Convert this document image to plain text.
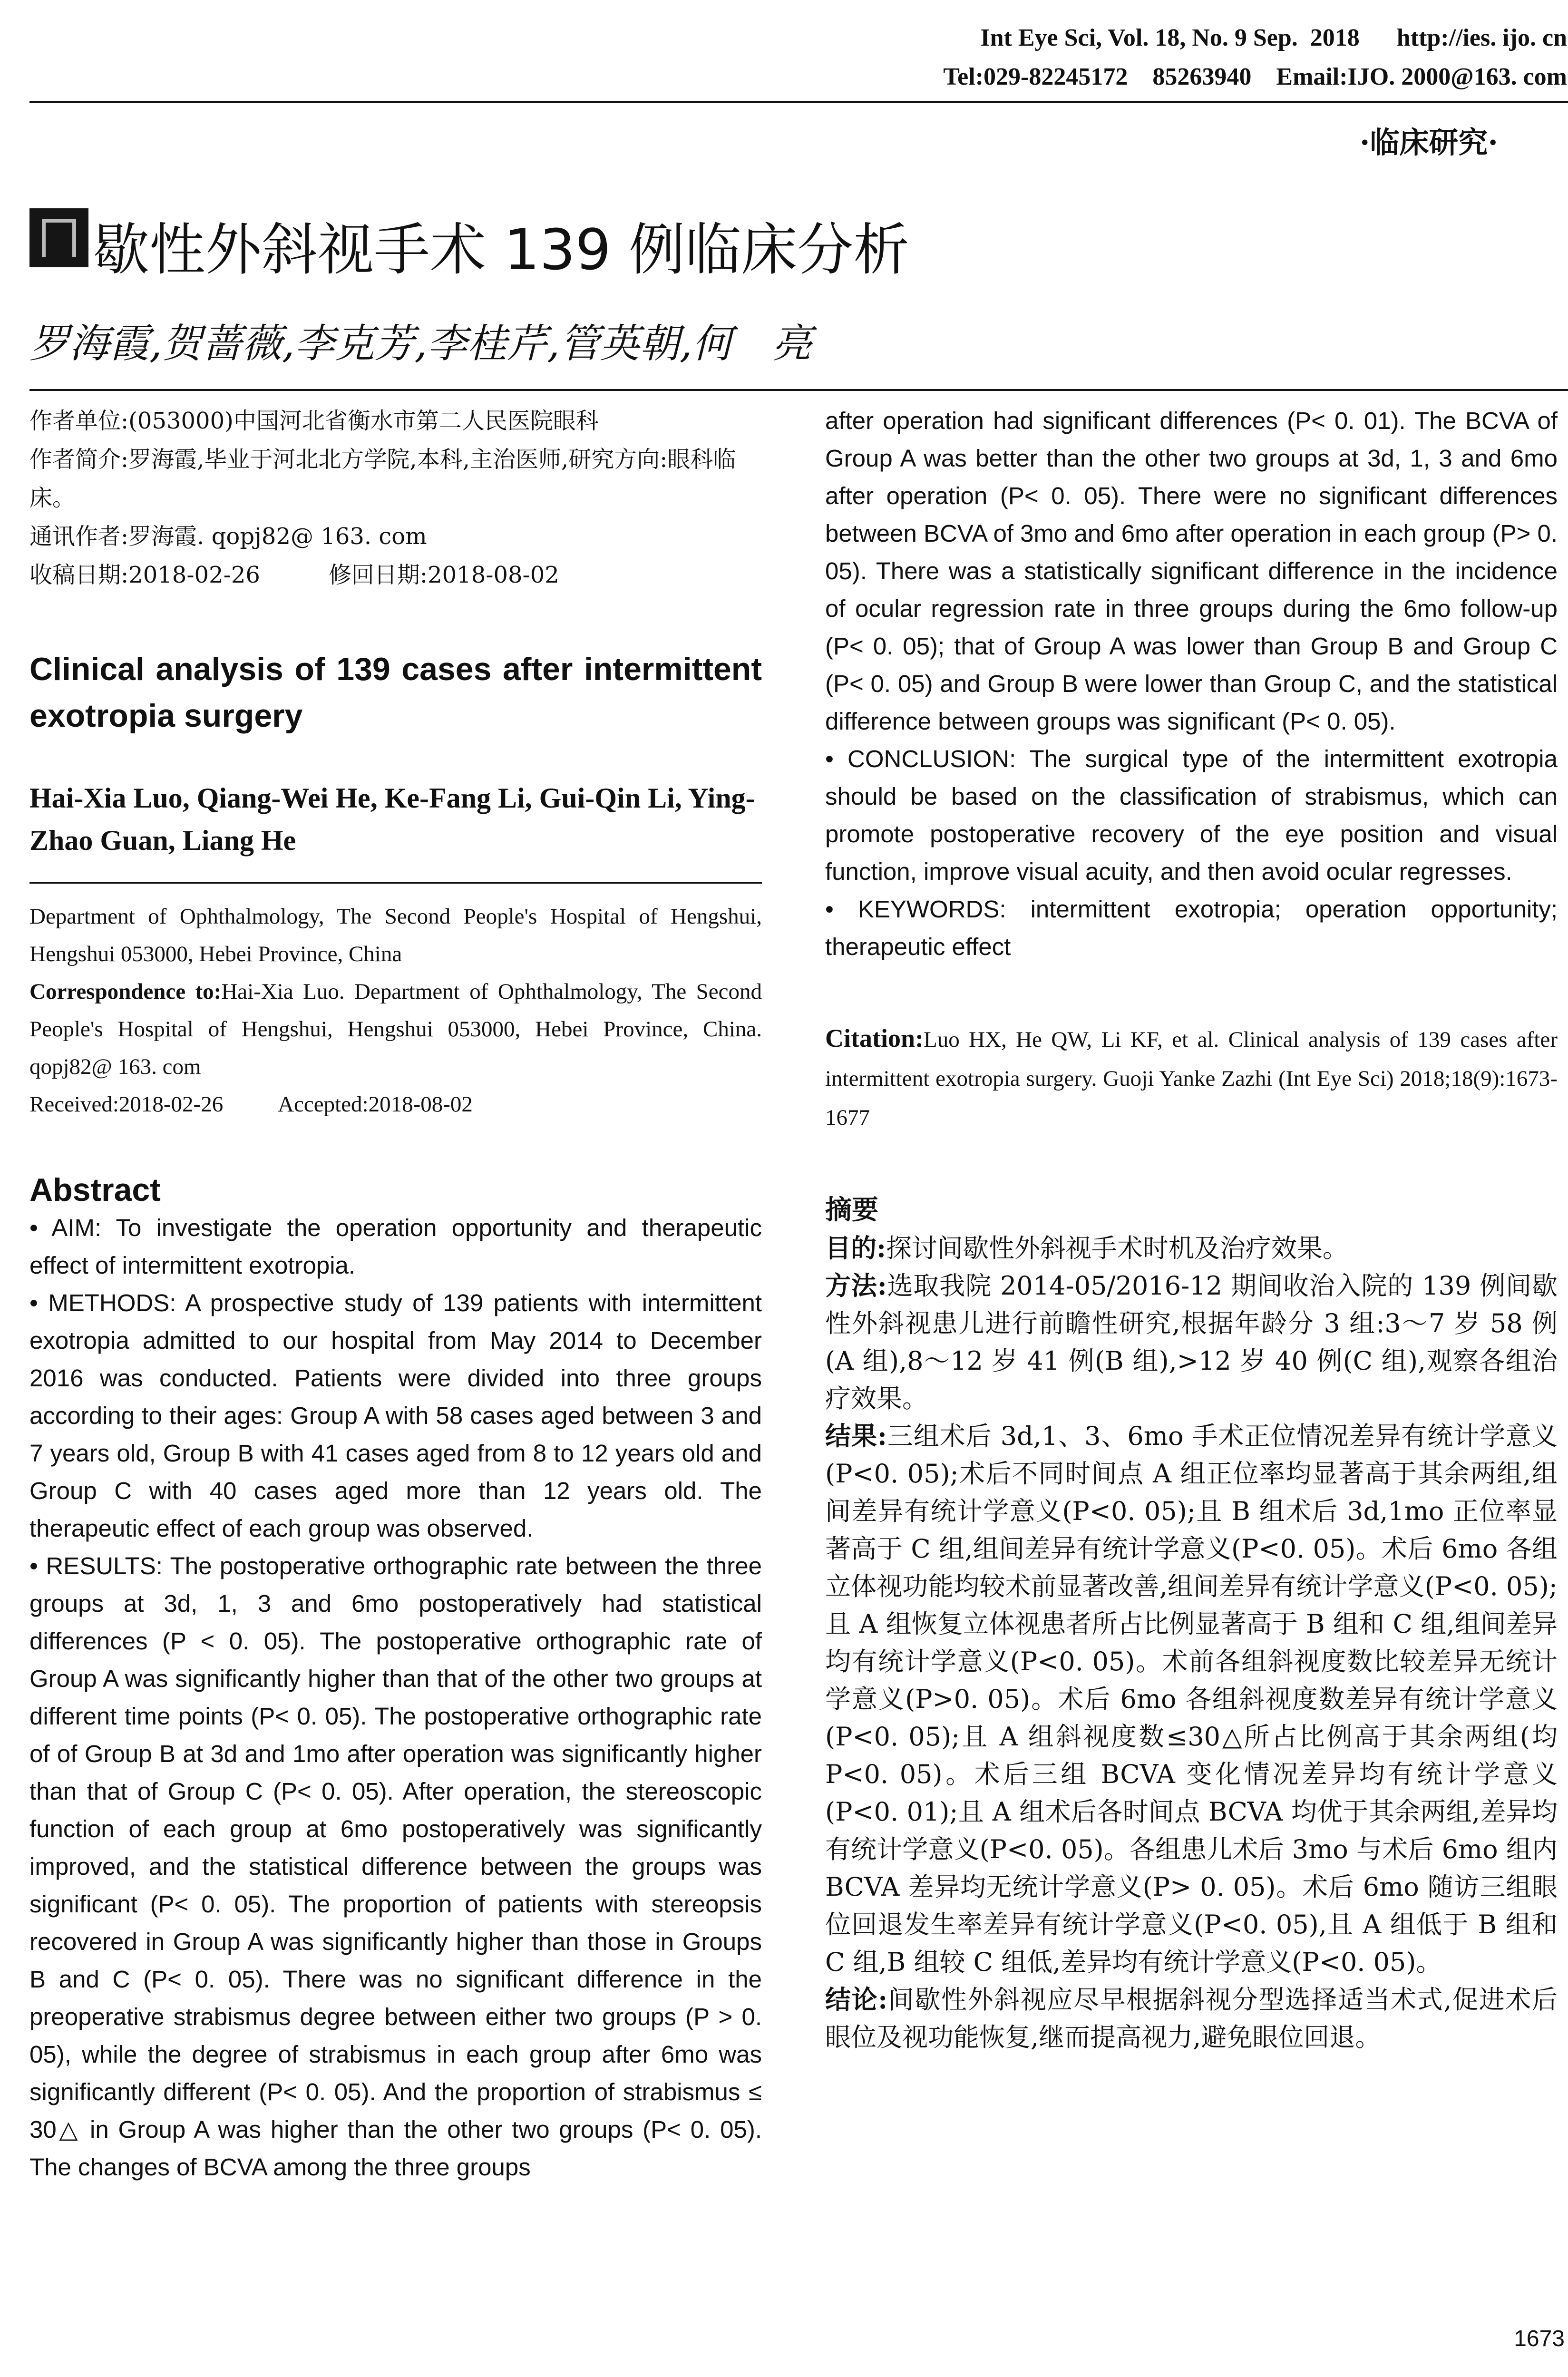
Int Eye Sci, Vol. 18, No. 9 Sep.  2018      http://ies. ijo. cn
Tel:029-82245172    85263940    Email:IJO. 2000@163. com
·临床研究·
歇性外斜视手术 139 例临床分析
罗海霞,贺蔷薇,李克芳,李桂芹,管英朝,何　亮

作者单位:(053000)中国河北省衡水市第二人民医院眼科

作者简介:罗海霞,毕业于河北北方学院,本科,主治医师,研究方向:眼科临床。

通讯作者:罗海霞. qopj82@ 163. com

收稿日期:2018-02-26　　　修回日期:2018-08-02

Clinical analysis of 139 cases after intermittent exotropia surgery

Hai-Xia Luo, Qiang-Wei He, Ke-Fang Li, Gui-Qin Li, Ying-Zhao Guan, Liang He

Department of Ophthalmology, The Second People's Hospital of Hengshui, Hengshui 053000, Hebei Province, China

Correspondence to:Hai-Xia Luo. Department of Ophthalmology, The Second People's Hospital of Hengshui, Hengshui 053000, Hebei Province, China. qopj82@ 163. com

Received:2018-02-26          Accepted:2018-08-02

Abstract

• AIM: To investigate the operation opportunity and therapeutic effect of intermittent exotropia.

• METHODS: A prospective study of 139 patients with intermittent exotropia admitted to our hospital from May 2014 to December 2016 was conducted. Patients were divided into three groups according to their ages: Group A with 58 cases aged between 3 and 7 years old, Group B with 41 cases aged from 8 to 12 years old and Group C with 40 cases aged more than 12 years old. The therapeutic effect of each group was observed.

• RESULTS: The postoperative orthographic rate between the three groups at 3d, 1, 3 and 6mo postoperatively had statistical differences (P < 0. 05). The postoperative orthographic rate of Group A was significantly higher than that of the other two groups at different time points (P< 0. 05). The postoperative orthographic rate of of Group B at 3d and 1mo after operation was significantly higher than that of Group C (P< 0. 05). After operation, the stereoscopic function of each group at 6mo postoperatively was significantly improved, and the statistical difference between the groups was significant (P< 0. 05). The proportion of patients with stereopsis recovered in Group A was significantly higher than those in Groups B and C (P< 0. 05). There was no significant difference in the preoperative strabismus degree between either two groups (P > 0. 05), while the degree of strabismus in each group after 6mo was significantly different (P< 0. 05). And the proportion of strabismus ≤ 30△ in Group A was higher than the other two groups (P< 0. 05). The changes of BCVA among the three groups

after operation had significant differences (P< 0. 01). The BCVA of Group A was better than the other two groups at 3d, 1, 3 and 6mo after operation (P< 0. 05). There were no significant differences between BCVA of 3mo and 6mo after operation in each group (P> 0. 05). There was a statistically significant difference in the incidence of ocular regression rate in three groups during the 6mo follow-up (P< 0. 05); that of Group A was lower than Group B and Group C (P< 0. 05) and Group B were lower than Group C, and the statistical difference between groups was significant (P< 0. 05).

• CONCLUSION: The surgical type of the intermittent exotropia should be based on the classification of strabismus, which can promote postoperative recovery of the eye position and visual function, improve visual acuity, and then avoid ocular regresses.

• KEYWORDS: intermittent exotropia; operation opportunity; therapeutic effect

Citation:Luo HX, He QW, Li KF, et al. Clinical analysis of 139 cases after intermittent exotropia surgery. Guoji Yanke Zazhi (Int Eye Sci) 2018;18(9):1673-1677

摘要

目的:探讨间歇性外斜视手术时机及治疗效果。

方法:选取我院 2014-05/2016-12 期间收治入院的 139 例间歇性外斜视患儿进行前瞻性研究,根据年龄分 3 组:3～7 岁 58 例(A 组),8～12 岁 41 例(B 组),>12 岁 40 例(C 组),观察各组治疗效果。

结果:三组术后 3d,1、3、6mo 手术正位情况差异有统计学意义(P<0. 05);术后不同时间点 A 组正位率均显著高于其余两组,组间差异有统计学意义(P<0. 05);且 B 组术后 3d,1mo 正位率显著高于 C 组,组间差异有统计学意义(P<0. 05)。术后 6mo 各组立体视功能均较术前显著改善,组间差异有统计学意义(P<0. 05);且 A 组恢复立体视患者所占比例显著高于 B 组和 C 组,组间差异均有统计学意义(P<0. 05)。术前各组斜视度数比较差异无统计学意义(P>0. 05)。术后 6mo 各组斜视度数差异有统计学意义(P<0. 05);且 A 组斜视度数≤30△所占比例高于其余两组(均 P<0. 05)。术后三组 BCVA 变化情况差异均有统计学意义(P<0. 01);且 A 组术后各时间点 BCVA 均优于其余两组,差异均有统计学意义(P<0. 05)。各组患儿术后 3mo 与术后 6mo 组内 BCVA 差异均无统计学意义(P> 0. 05)。术后 6mo 随访三组眼位回退发生率差异有统计学意义(P<0. 05),且 A 组低于 B 组和 C 组,B 组较 C 组低,差异均有统计学意义(P<0. 05)。

结论:间歇性外斜视应尽早根据斜视分型选择适当术式,促进术后眼位及视功能恢复,继而提高视力,避免眼位回退。

1673
